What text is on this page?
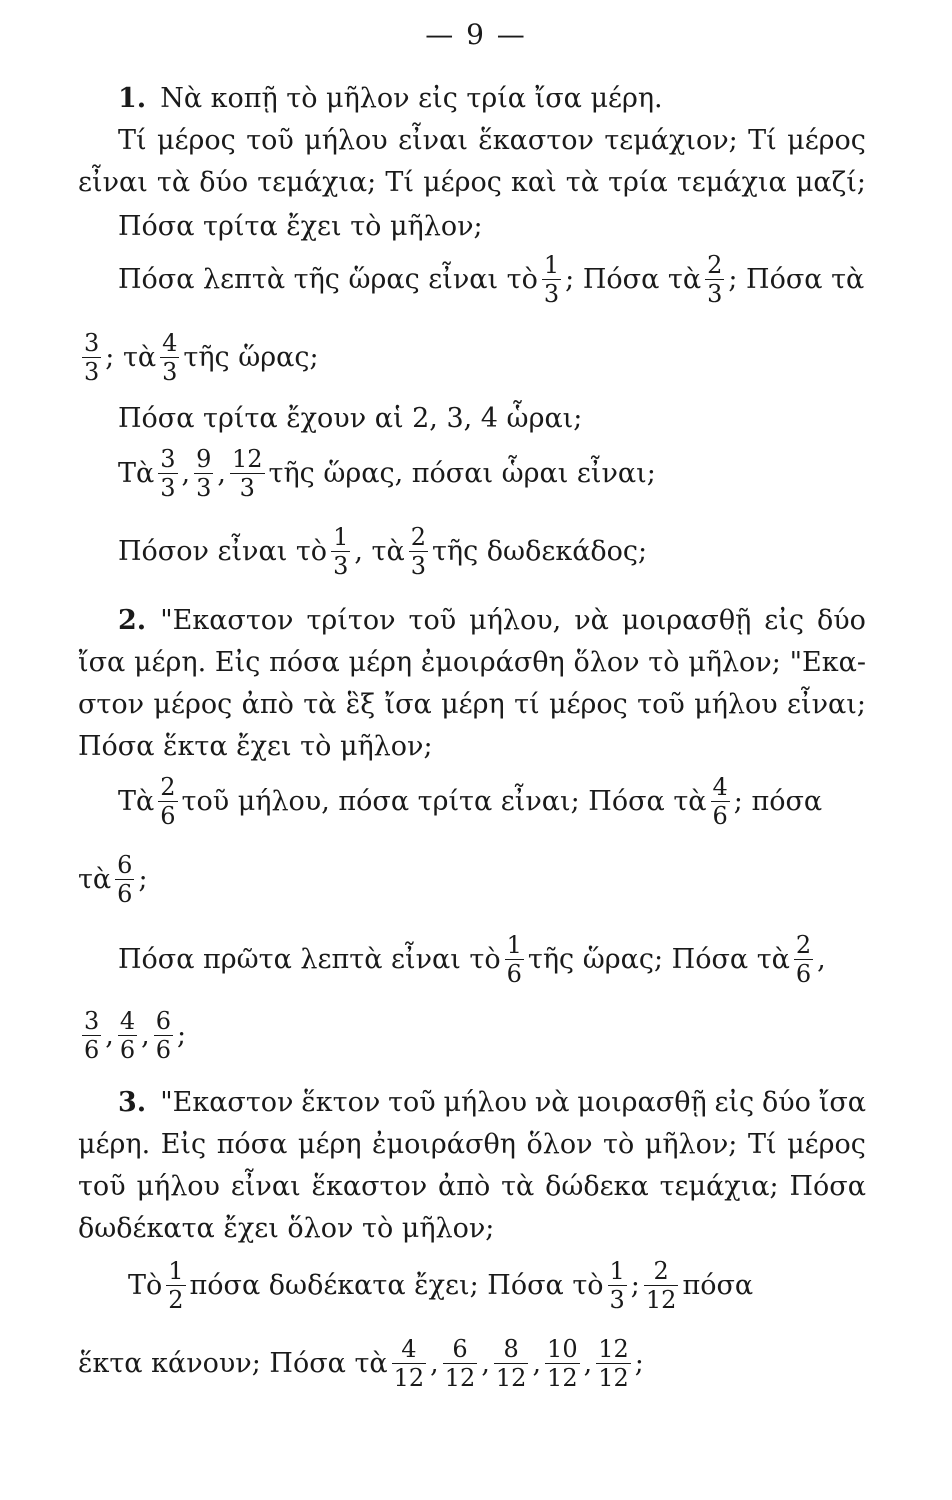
— 9 —
1. Νὰ κοπῇ τὸ μῆλον εἰς τρία ἴσα μέρη.
Τί μέρος τοῦ μήλου εἶναι ἕκαστον τεμάχιον; Τί μέρος
εἶναι τὰ δύο τεμάχια; Τί μέρος καὶ τὰ τρία τεμάχια μαζί;
Πόσα τρίτα ἔχει τὸ μῆλον;
Πόσα λεπτὰ τῆς ὥρας εἶναι τὸ $\frac{1}{3}$ ; Πόσα τὰ $\frac{2}{3}$ ; Πόσα τὰ
$\frac{3}{3}$ ; τὰ $\frac{4}{3}$ τῆς ὥρας;
Πόσα τρίτα ἔχουν αἱ 2, 3, 4 ὧραι;
Τὰ $\frac{3}{3}$ , $\frac{9}{3}$ , $\frac{12}{3}$ τῆς ὥρας, πόσαι ὧραι εἶναι;
Πόσον εἶναι τὸ $\frac{1}{3}$ , τὰ $\frac{2}{3}$ τῆς δωδεκάδος;
2. "Εκαστον τρίτον τοῦ μήλου, νὰ μοιρασθῇ εἰς δύο
ἴσα μέρη. Εἰς πόσα μέρη ἐμοιράσθη ὅλον τὸ μῆλον; "Εκα-
στον μέρος ἀπὸ τὰ ἓξ ἴσα μέρη τί μέρος τοῦ μήλου εἶναι;
Πόσα ἕκτα ἔχει τὸ μῆλον;
Τὰ $\frac{2}{6}$ τοῦ μήλου, πόσα τρίτα εἶναι; Πόσα τὰ $\frac{4}{6}$ ; πόσα
τὰ $\frac{6}{6}$ ;
Πόσα πρῶτα λεπτὰ εἶναι τὸ $\frac{1}{6}$ τῆς ὥρας; Πόσα τὰ $\frac{2}{6}$ ,
$\frac{3}{6}$ , $\frac{4}{6}$ , $\frac{6}{6}$ ;
3. "Εκαστον ἕκτον τοῦ μήλου νὰ μοιρασθῇ εἰς δύο ἴσα
μέρη. Εἰς πόσα μέρη ἐμοιράσθη ὅλον τὸ μῆλον; Τί μέρος
τοῦ μήλου εἶναι ἕκαστον ἀπὸ τὰ δώδεκα τεμάχια; Πόσα
δωδέκατα ἔχει ὅλον τὸ μῆλον;
Τὸ $\frac{1}{2}$ πόσα δωδέκατα ἔχει; Πόσα τὸ $\frac{1}{3}$ ; $\frac{2}{12}$ πόσα
ἕκτα κάνουν; Πόσα τὰ $\frac{4}{12}$ , $\frac{6}{12}$ , $\frac{8}{12}$ , $\frac{10}{12}$ , $\frac{12}{12}$ ;
